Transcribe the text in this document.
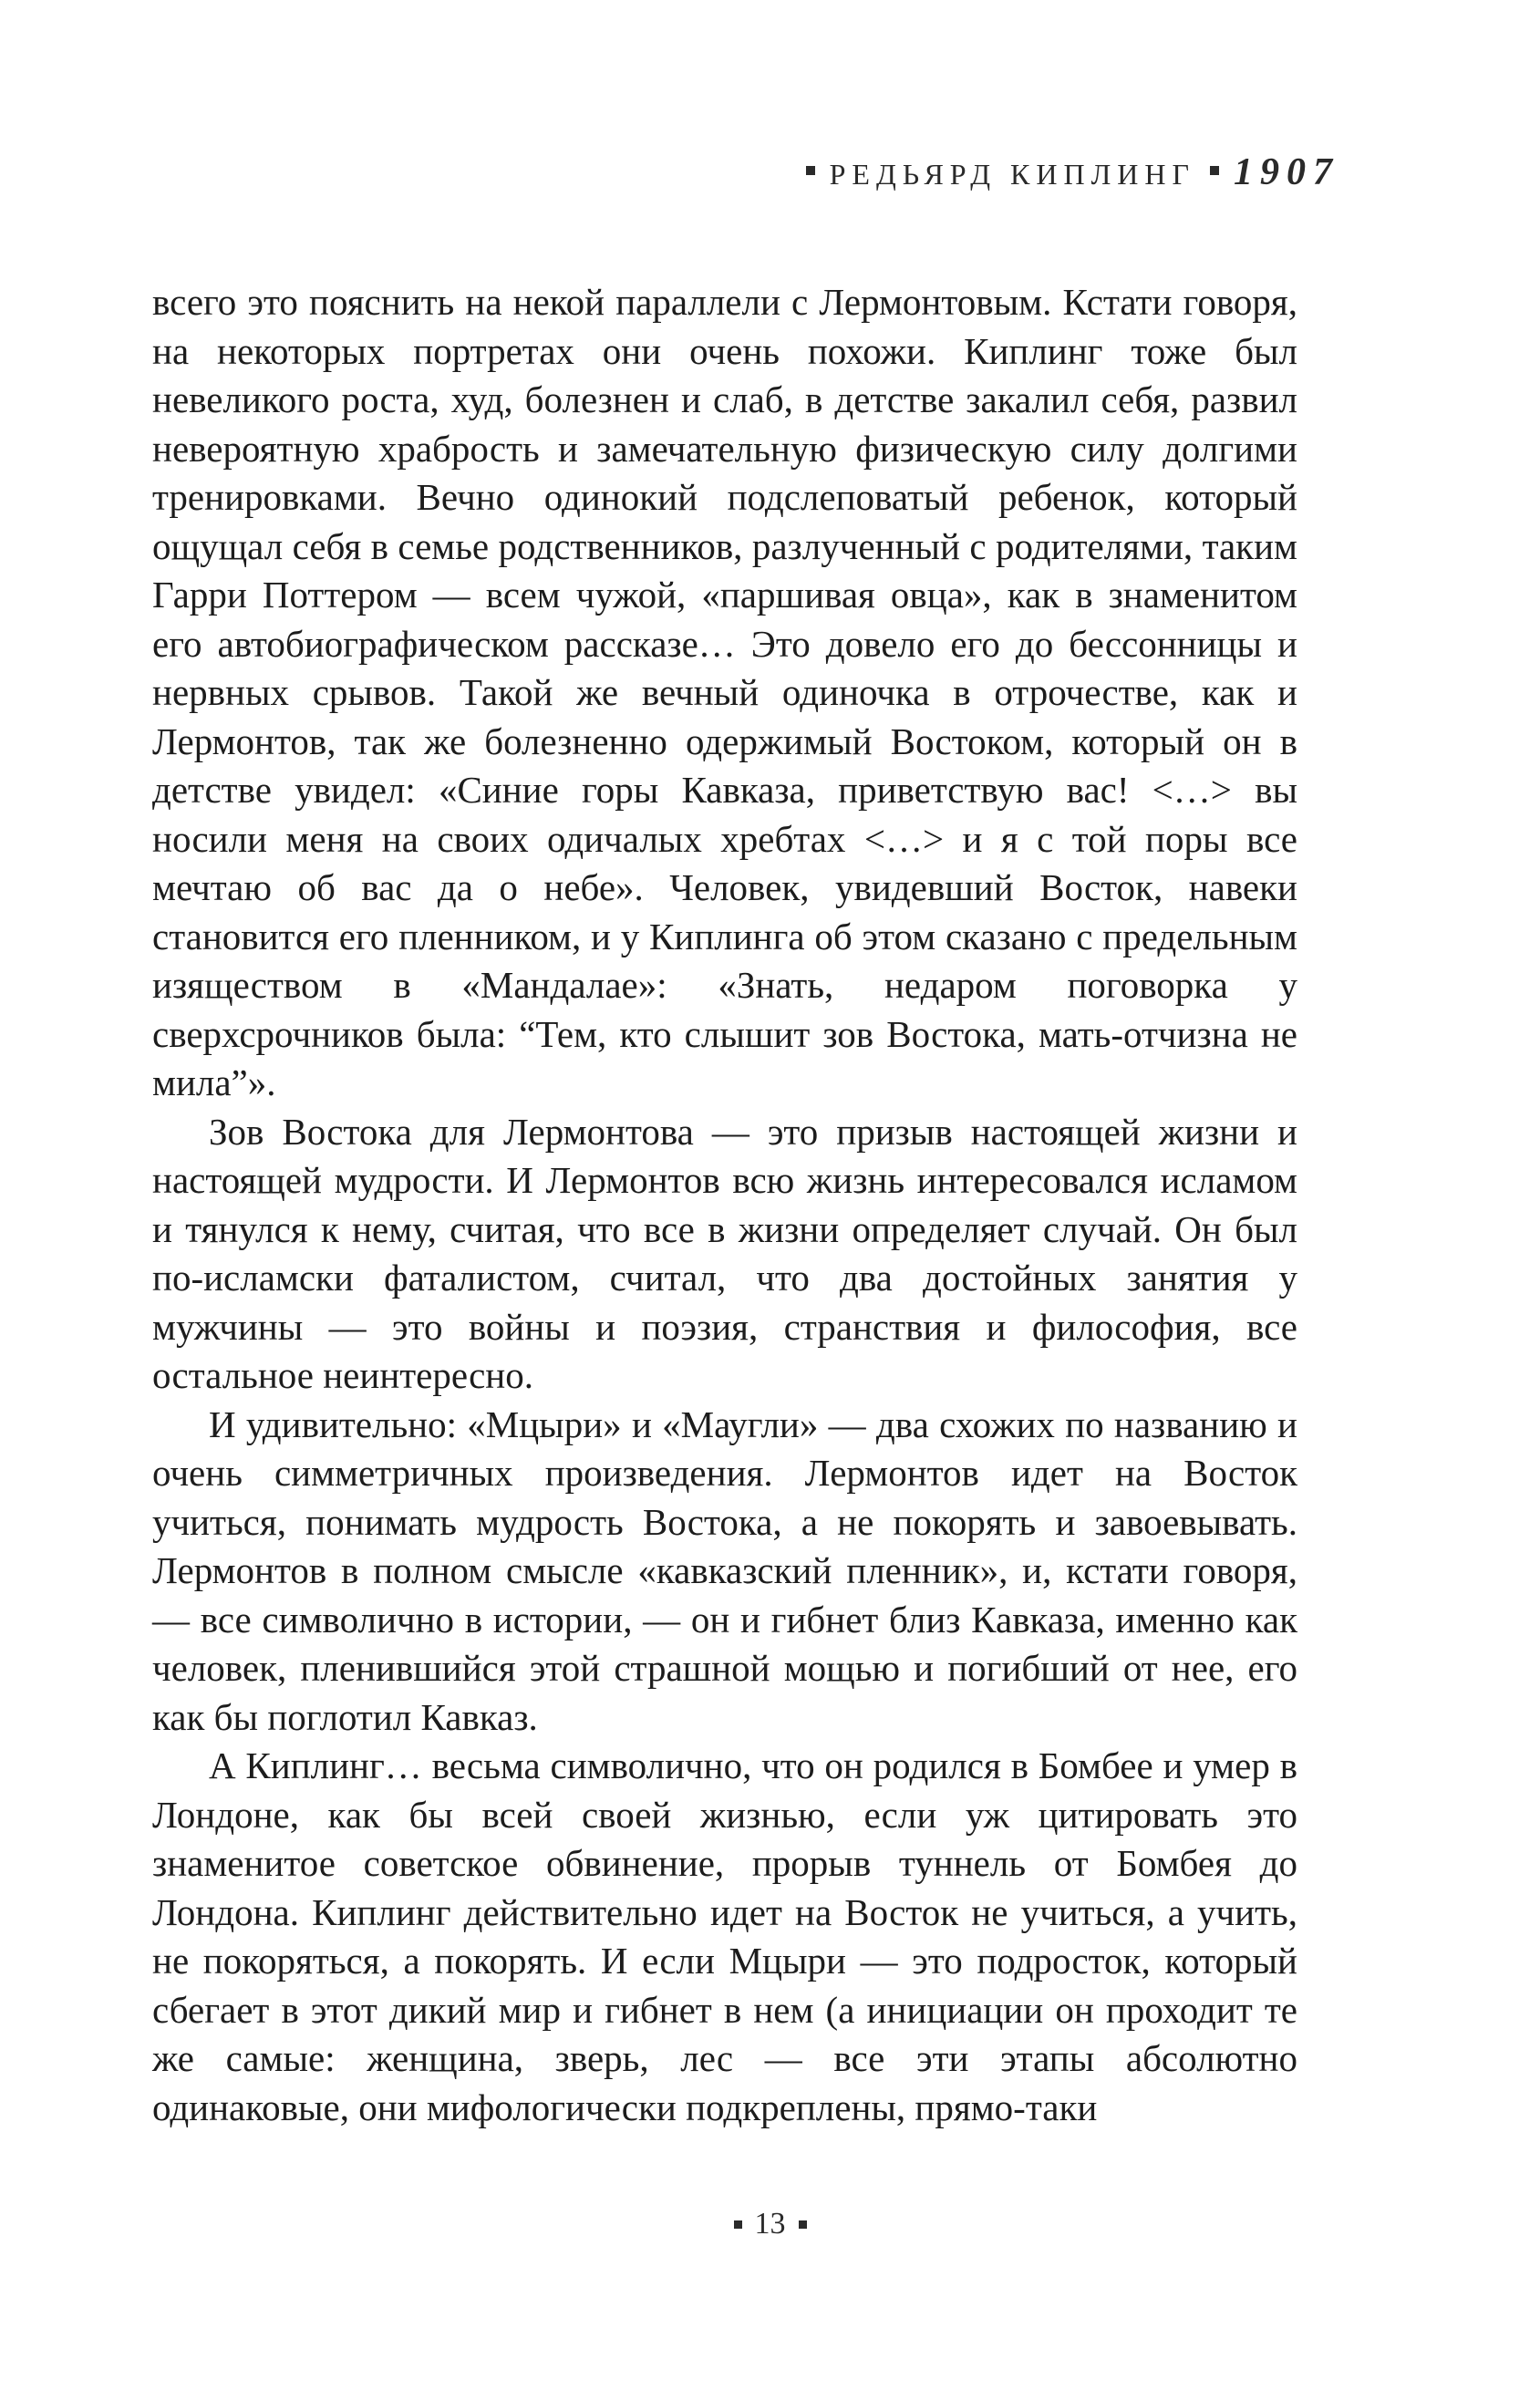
РЕДЬЯРД КИПЛИНГ 1907

всего это пояснить на некой параллели с Лермонтовым. Кстати говоря, на некоторых портретах они очень похожи. Киплинг тоже был невеликого роста, худ, болезнен и слаб, в детстве закалил себя, развил невероятную храбрость и замечательную физическую силу долгими тренировками. Вечно одинокий подслеповатый ребенок, который ощущал себя в семье родственников, разлученный с родителями, таким Гарри Поттером — всем чужой, «паршивая овца», как в знаменитом его автобиографическом рассказе… Это довело его до бессонницы и нервных срывов. Такой же вечный одиночка в отрочестве, как и Лермонтов, так же болезненно одержимый Востоком, который он в детстве увидел: «Синие горы Кавказа, приветствую вас! <…> вы носили меня на своих одичалых хребтах <…> и я с той поры все мечтаю об вас да о небе». Человек, увидевший Восток, навеки становится его пленником, и у Киплинга об этом сказано с предельным изяществом в «Мандалае»: «Знать, недаром поговорка у сверхсрочников была: “Тем, кто слышит зов Востока, мать-отчизна не мила”».

Зов Востока для Лермонтова — это призыв настоящей жизни и настоящей мудрости. И Лермонтов всю жизнь интересовался исламом и тянулся к нему, считая, что все в жизни определяет случай. Он был по-исламски фаталистом, считал, что два достойных занятия у мужчины — это войны и поэзия, странствия и философия, все остальное неинтересно.

И удивительно: «Мцыри» и «Маугли» — два схожих по названию и очень симметричных произведения. Лермонтов идет на Восток учиться, понимать мудрость Востока, а не покорять и завоевывать. Лермонтов в полном смысле «кавказский пленник», и, кстати говоря, — все символично в истории, — он и гибнет близ Кавказа, именно как человек, пленившийся этой страшной мощью и погибший от нее, его как бы поглотил Кавказ.

А Киплинг… весьма символично, что он родился в Бомбее и умер в Лондоне, как бы всей своей жизнью, если уж цитировать это знаменитое советское обвинение, прорыв туннель от Бомбея до Лондона. Киплинг действительно идет на Восток не учиться, а учить, не покоряться, а покорять. И если Мцыри — это подросток, который сбегает в этот дикий мир и гибнет в нем (а инициации он проходит те же самые: женщина, зверь, лес — все эти этапы абсолютно одинаковые, они мифологически подкреплены, прямо-таки

13
